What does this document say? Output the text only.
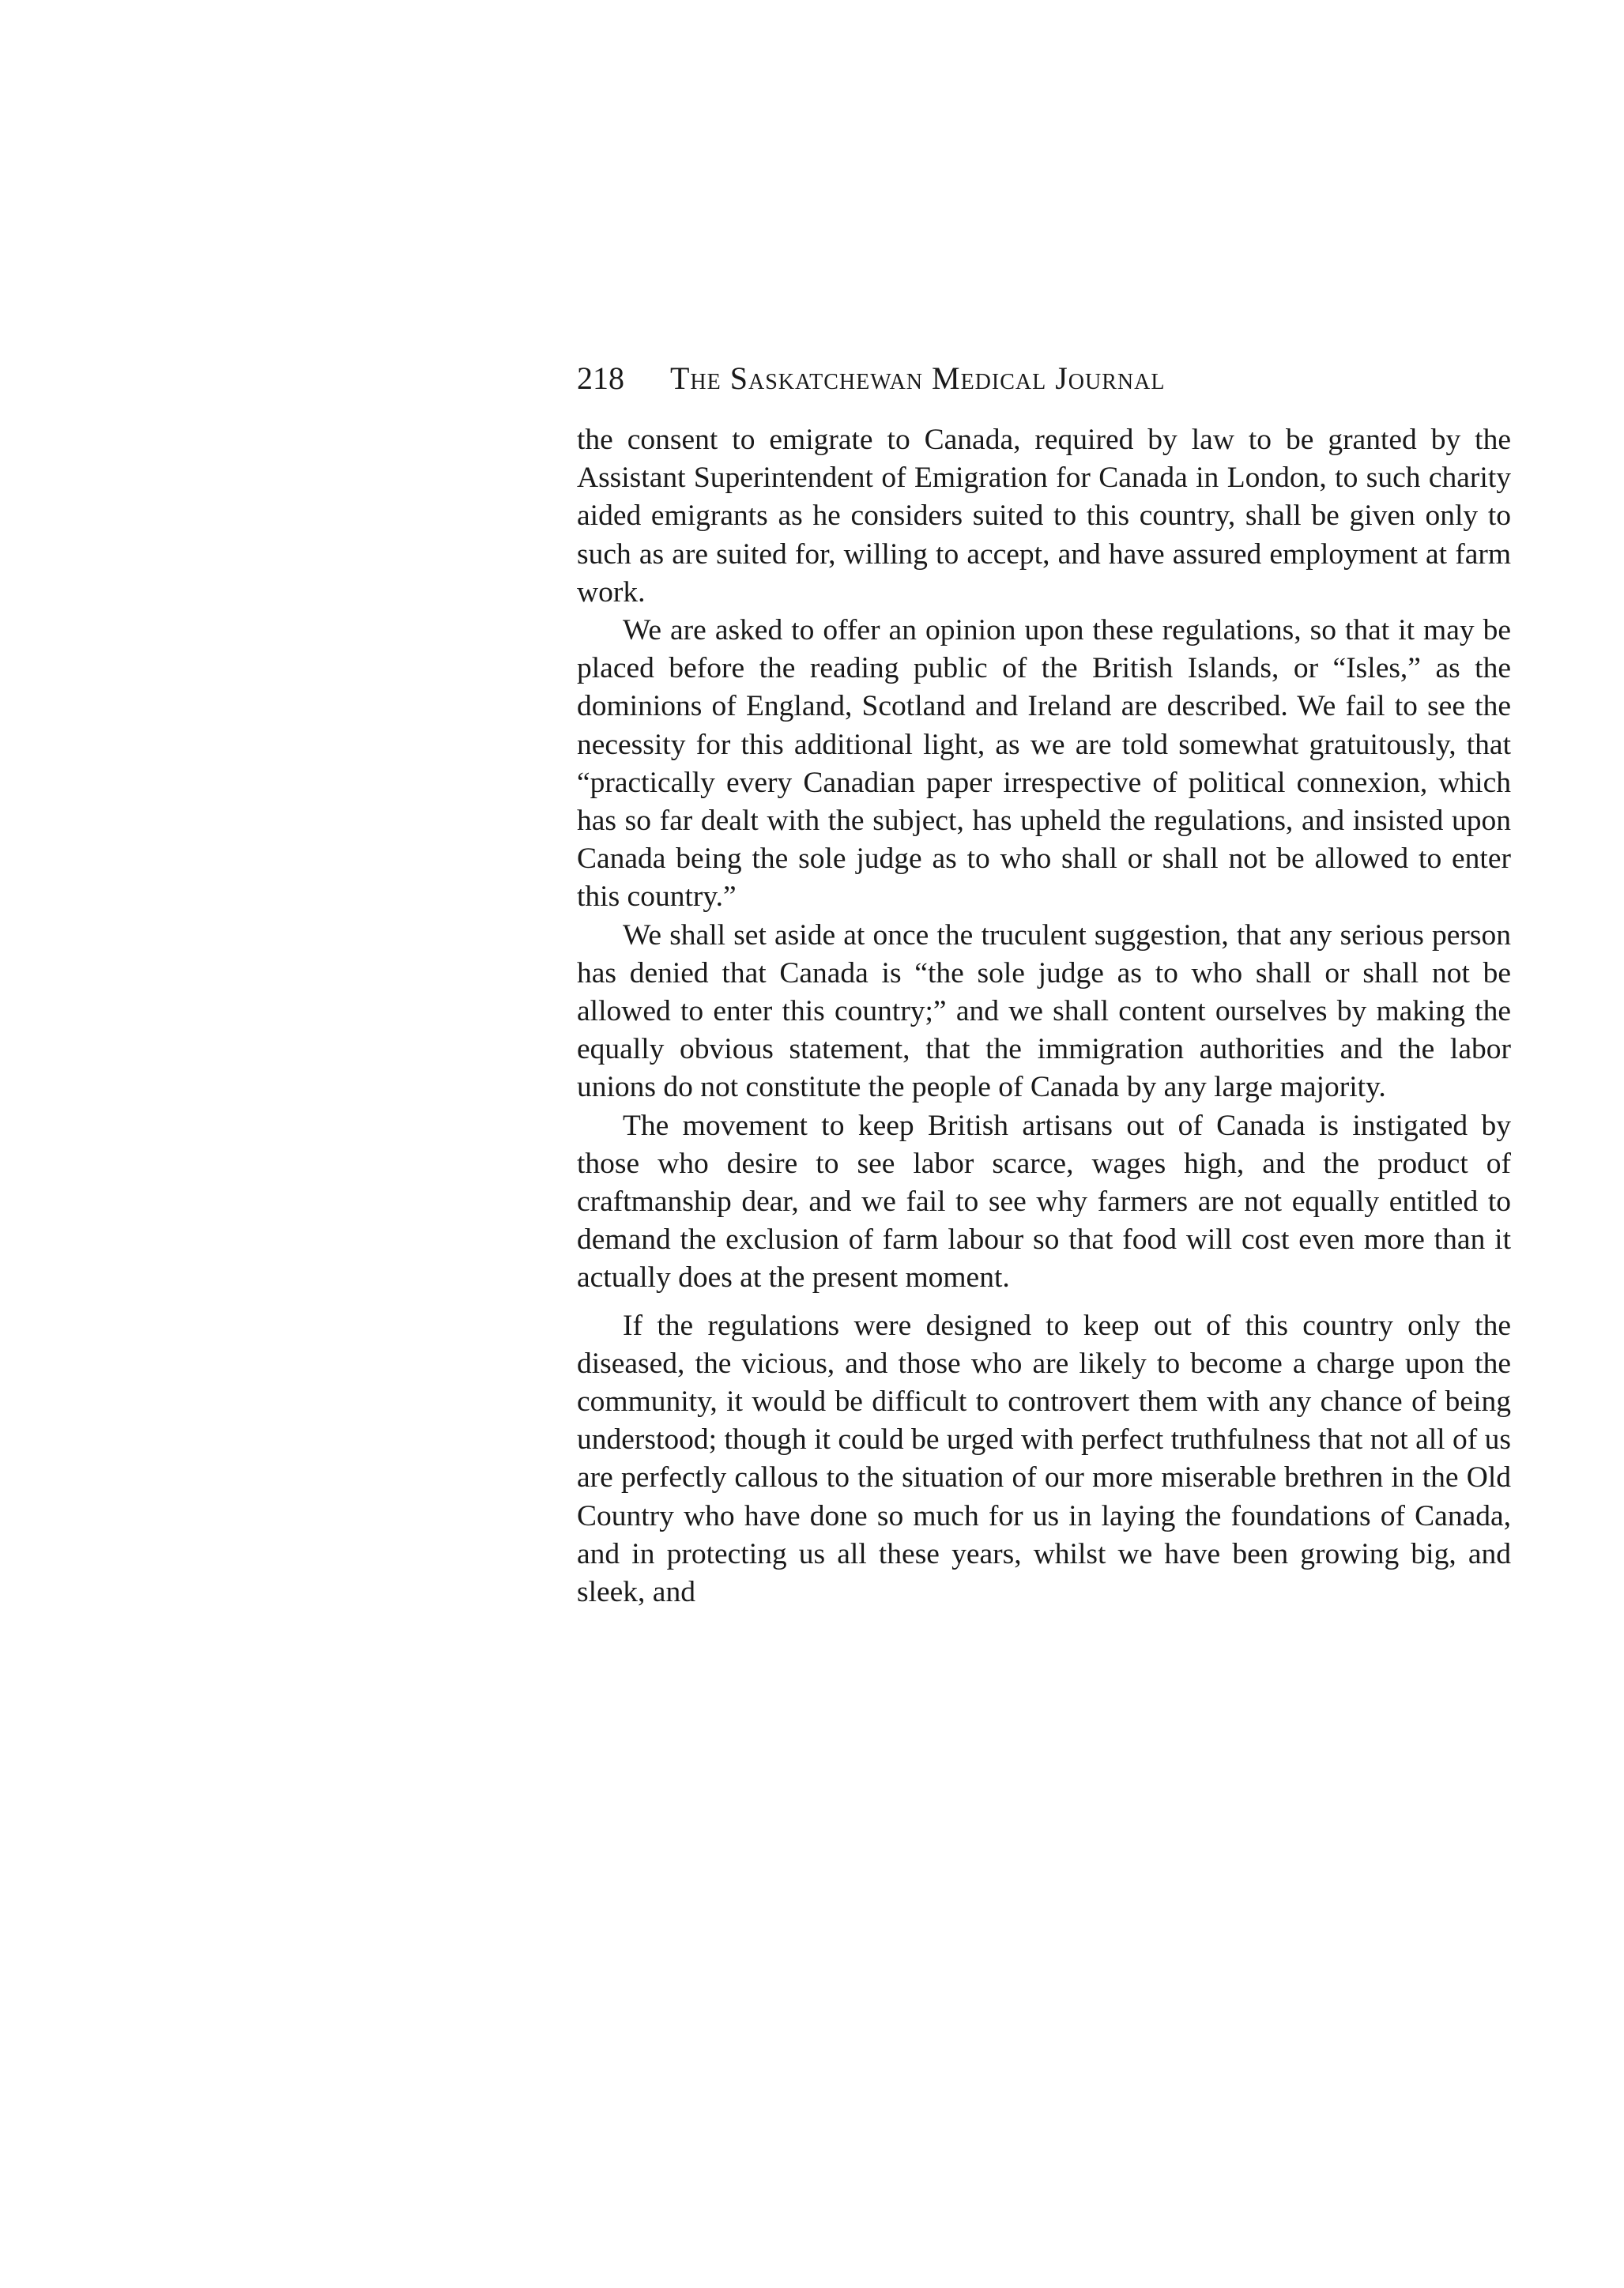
218	The Saskatchewan Medical Journal

the consent to emigrate to Canada, required by law to be granted by the Assistant Superintendent of Emigration for Canada in London, to such charity aided emigrants as he considers suited to this country, shall be given only to such as are suited for, willing to accept, and have assured employment at farm work.

We are asked to offer an opinion upon these regulations, so that it may be placed before the reading public of the British Islands, or “Isles,” as the dominions of England, Scotland and Ireland are described. We fail to see the necessity for this additional light, as we are told somewhat gratuitously, that “practically every Canadian paper irrespective of political connexion, which has so far dealt with the subject, has upheld the regulations, and insisted upon Canada being the sole judge as to who shall or shall not be allowed to enter this country.”

We shall set aside at once the truculent suggestion, that any serious person has denied that Canada is “the sole judge as to who shall or shall not be allowed to enter this country;” and we shall content ourselves by making the equally obvious statement, that the immigration authorities and the labor unions do not constitute the people of Canada by any large majority.

The movement to keep British artisans out of Canada is instigated by those who desire to see labor scarce, wages high, and the product of craftmanship dear, and we fail to see why farmers are not equally entitled to demand the exclusion of farm labour so that food will cost even more than it actually does at the present moment.

If the regulations were designed to keep out of this country only the diseased, the vicious, and those who are likely to become a charge upon the community, it would be difficult to controvert them with any chance of being understood; though it could be urged with perfect truthfulness that not all of us are perfectly callous to the situation of our more miserable brethren in the Old Country who have done so much for us in laying the foundations of Canada, and in protecting us all these years, whilst we have been growing big, and sleek, and
